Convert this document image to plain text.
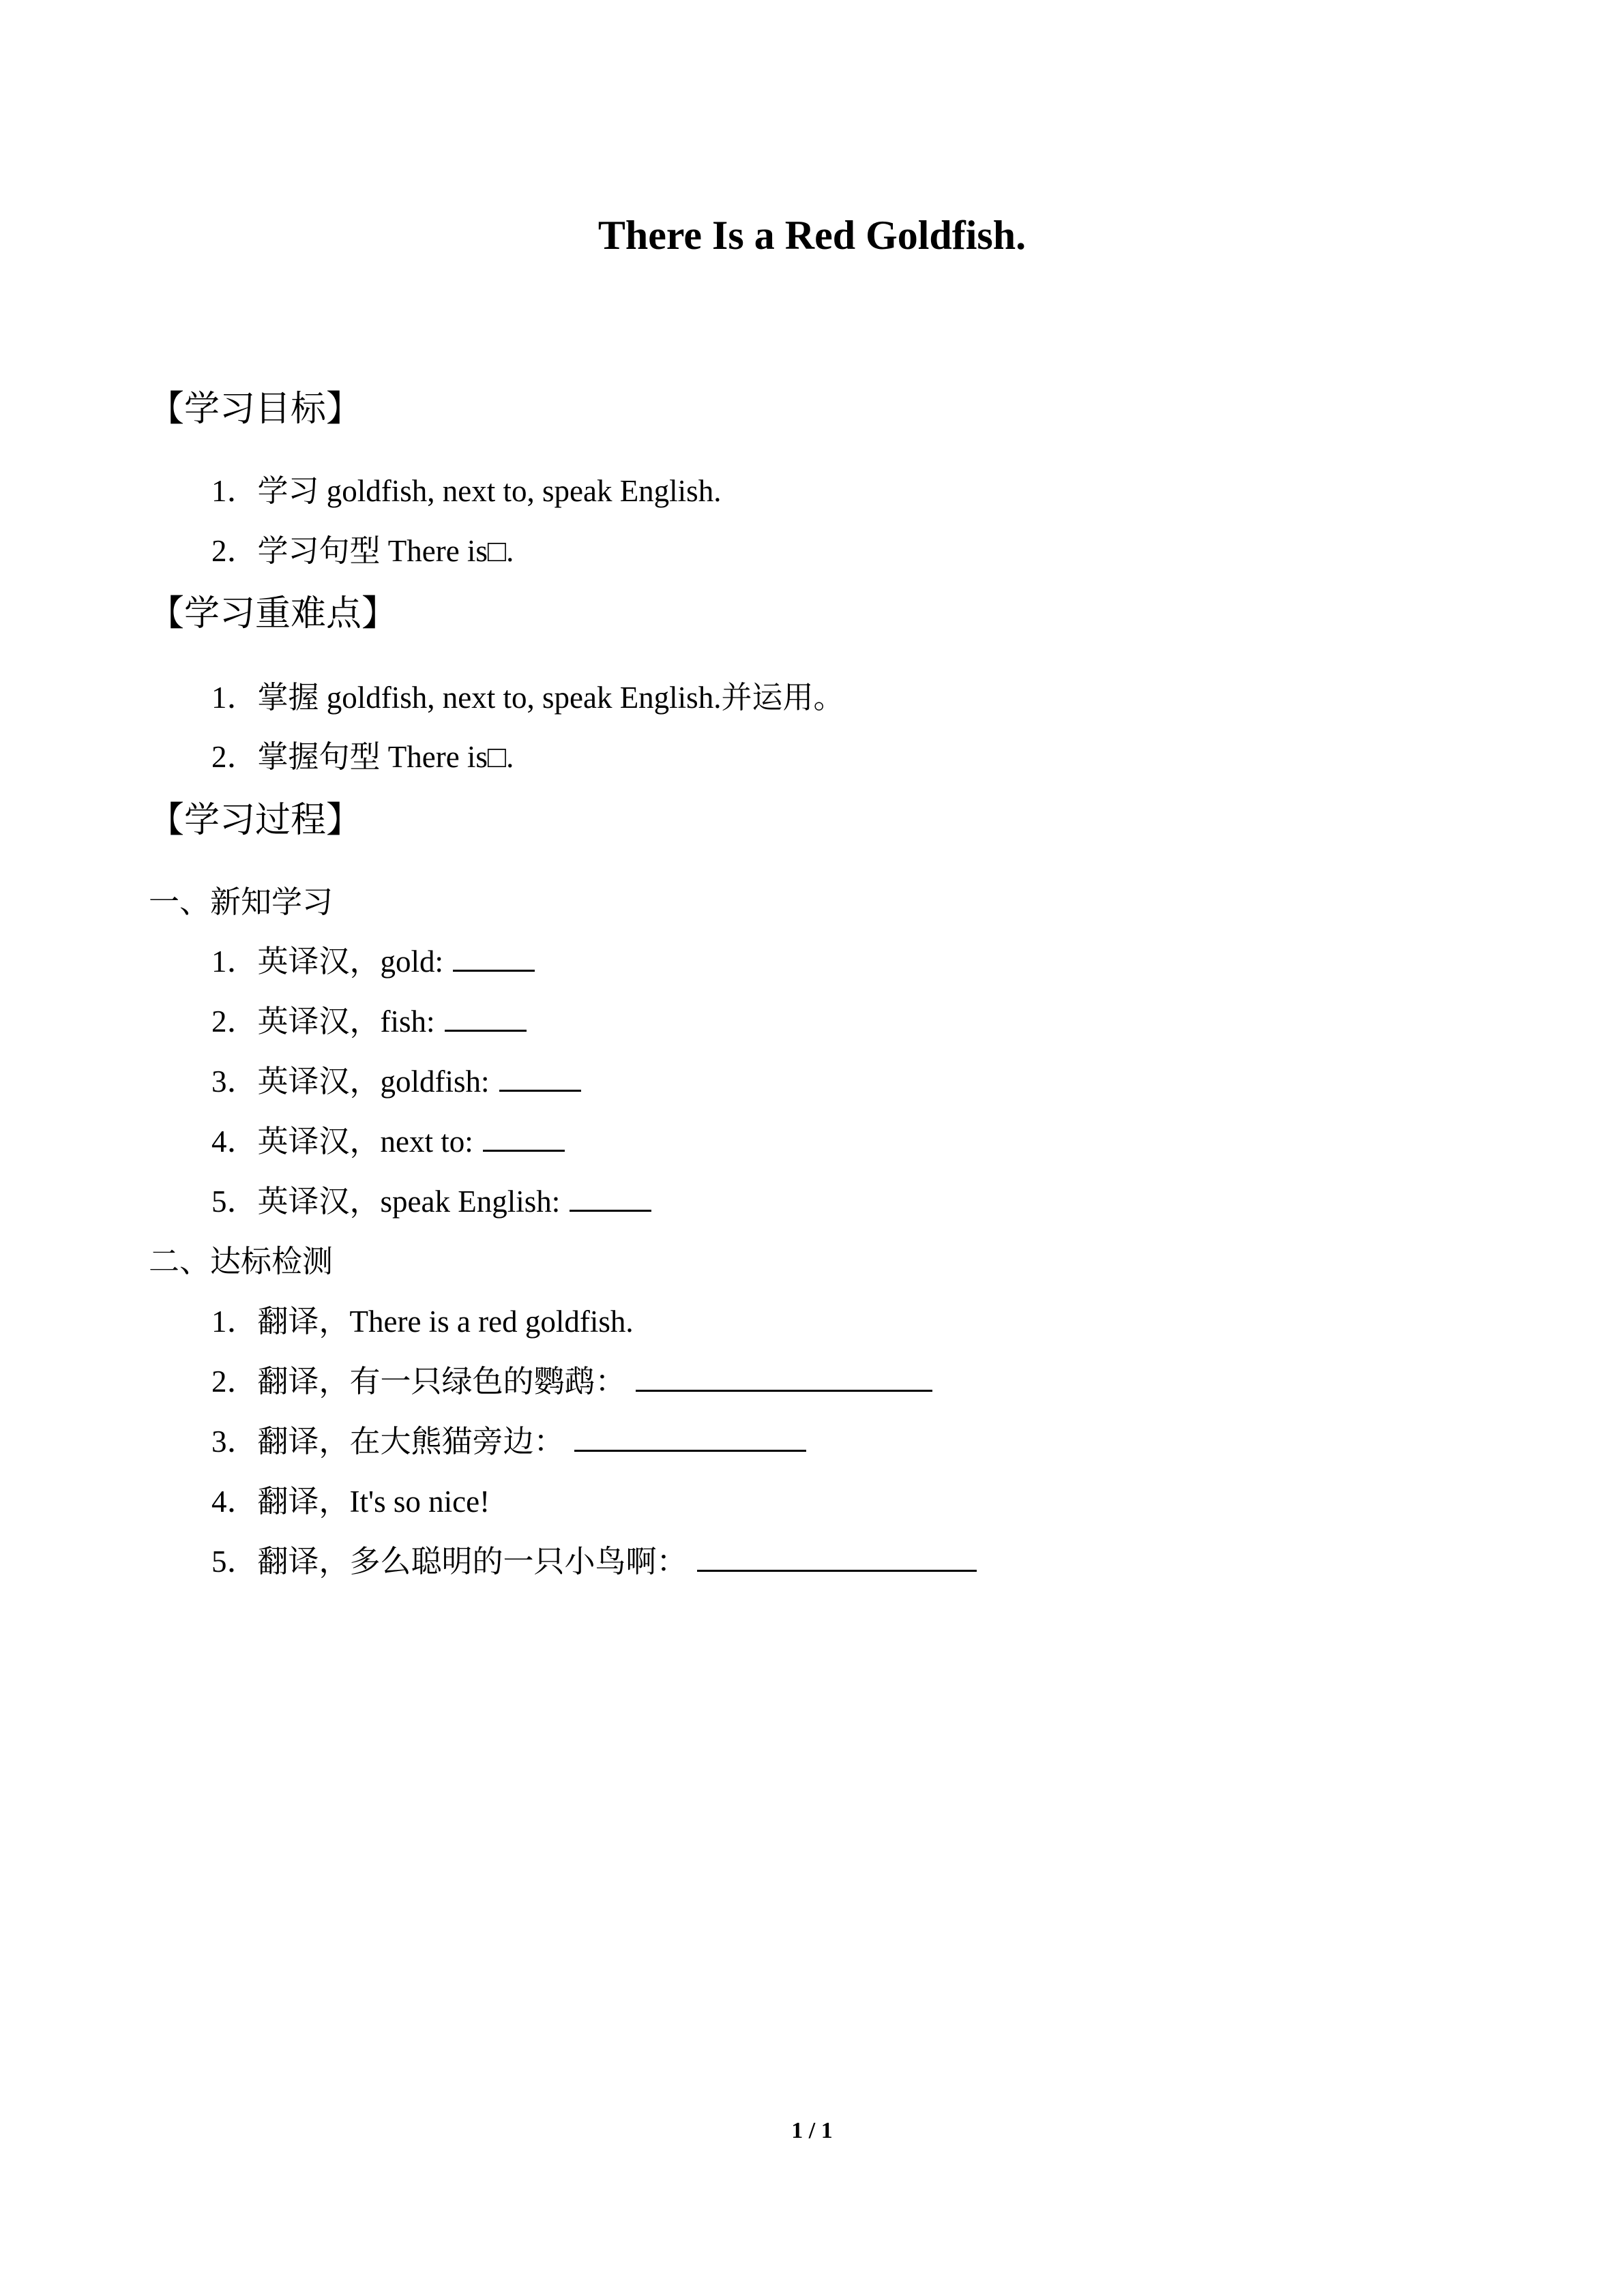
There Is a Red Goldfish.
【学习目标】
1．学习 goldfish, next to, speak English.
2．学习句型 There is□.
【学习重难点】
1．掌握 goldfish, next to, speak English.并运用。
2．掌握句型 There is□.
【学习过程】
一、新知学习
1．英译汉，gold:
2．英译汉，fish:
3．英译汉，goldfish:
4．英译汉，next to:
5．英译汉，speak English:
二、达标检测
1．翻译，There is a red goldfish.
2．翻译，有一只绿色的鹦鹉：
3．翻译，在大熊猫旁边：
4．翻译，It's so nice!
5．翻译，多么聪明的一只小鸟啊：
1 / 1
